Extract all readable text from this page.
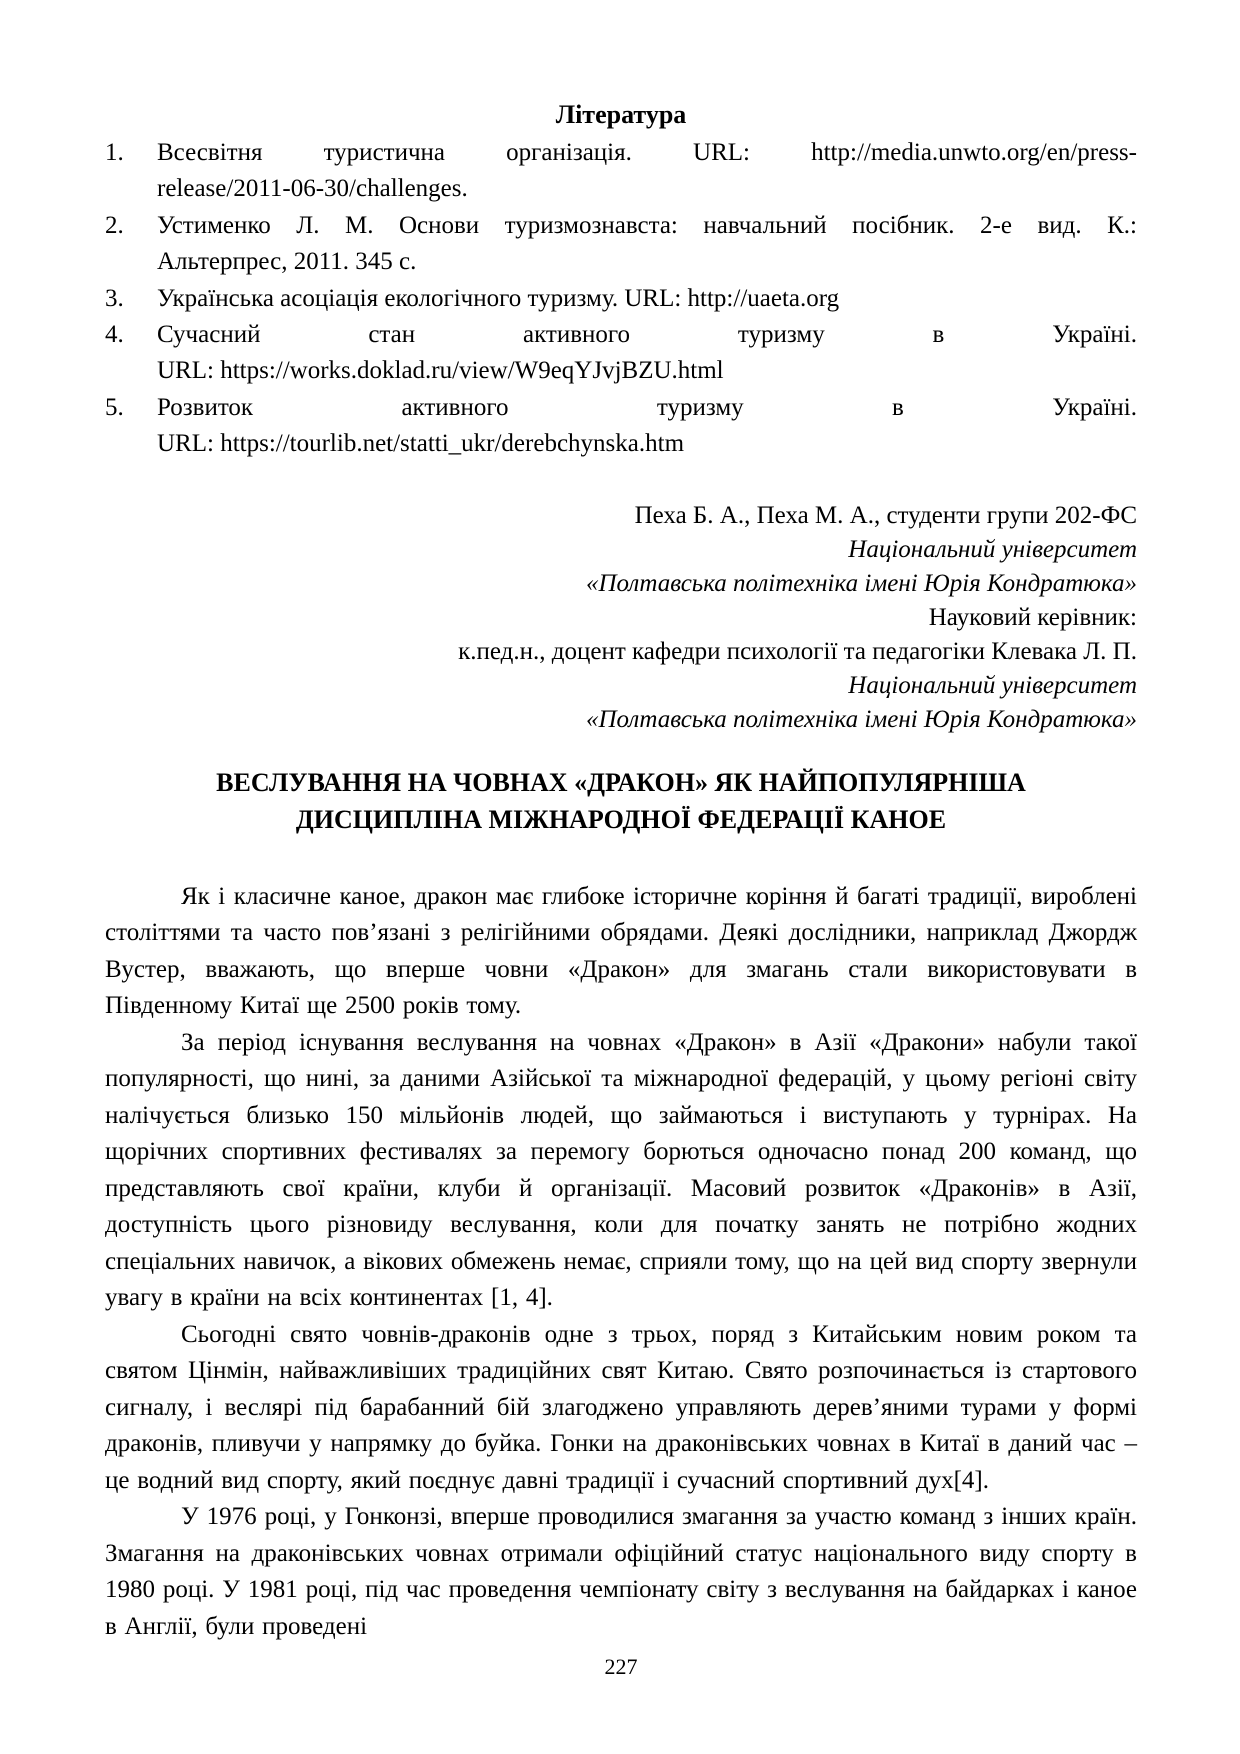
Література
1.	Всесвітня туристична організація. URL: http://media.unwto.org/en/press-
release/2011-06-30/challenges.
2.	Устименко Л. М. Основи туризмознавста: навчальний посібник. 2-е вид. К.:
Альтерпрес, 2011. 345 с.
3.	Українська асоціація екологічного туризму. URL: http://uaeta.org
4.	Сучасний стан активного туризму в Україні.
URL: https://works.doklad.ru/view/W9eqYJvjBZU.html
5.	Розвиток активного туризму в Україні.
URL: https://tourlib.net/statti_ukr/derebchynska.htm
Пеха Б. А., Пеха М. А., студенти групи 202-ФС
Національний університет
«Полтавська політехніка імені Юрія Кондратюка»
Науковий керівник:
к.пед.н., доцент кафедри психології та педагогіки Клевака Л. П.
Національний університет
«Полтавська політехніка імені Юрія Кондратюка»
ВЕСЛУВАННЯ НА ЧОВНАХ «ДРАКОН» ЯК НАЙПОПУЛЯРНІША
ДИСЦИПЛІНА МІЖНАРОДНОЇ ФЕДЕРАЦІЇ КАНОЕ

Як і класичне каное, дракон має глибоке історичне коріння й багаті традиції, вироблені століттями та часто пов’язані з релігійними обрядами. Деякі дослідники, наприклад Джордж Вустер, вважають, що вперше човни «Дракон» для змагань стали використовувати в Південному Китаї ще 2500 років тому.

За період існування веслування на човнах «Дракон» в Азії «Дракони» набули такої популярності, що нині, за даними Азійської та міжнародної федерацій, у цьому регіоні світу налічується близько 150 мільйонів людей, що займаються і виступають у турнірах. На щорічних спортивних фестивалях за перемогу борються одночасно понад 200 команд, що представляють свої країни, клуби й організації. Масовий розвиток «Драконів» в Азії, доступність цього різновиду веслування, коли для початку занять не потрібно жодних спеціальних навичок, а вікових обмежень немає, сприяли тому, що на цей вид спорту звернули увагу в країни на всіх континентах [1, 4].

Сьогодні свято човнів-драконів одне з трьох, поряд з Китайським новим роком та святом Цінмін, найважливіших традиційних свят Китаю. Свято розпочинається із стартового сигналу, і веслярі під барабанний бій злагоджено управляють дерев’яними турами у формі драконів, пливучи у напрямку до буйка. Гонки на драконівських човнах в Китаї в даний час – це водний вид спорту, який поєднує давні традиції і сучасний спортивний дух[4].

У 1976 році, у Гонконзі, вперше проводилися змагання за участю команд з інших країн. Змагання на драконівських човнах отримали офіційний статус національного виду спорту в 1980 році. У 1981 році, під час проведення чемпіонату світу з веслування на байдарках і каное в Англії, були проведені

227
